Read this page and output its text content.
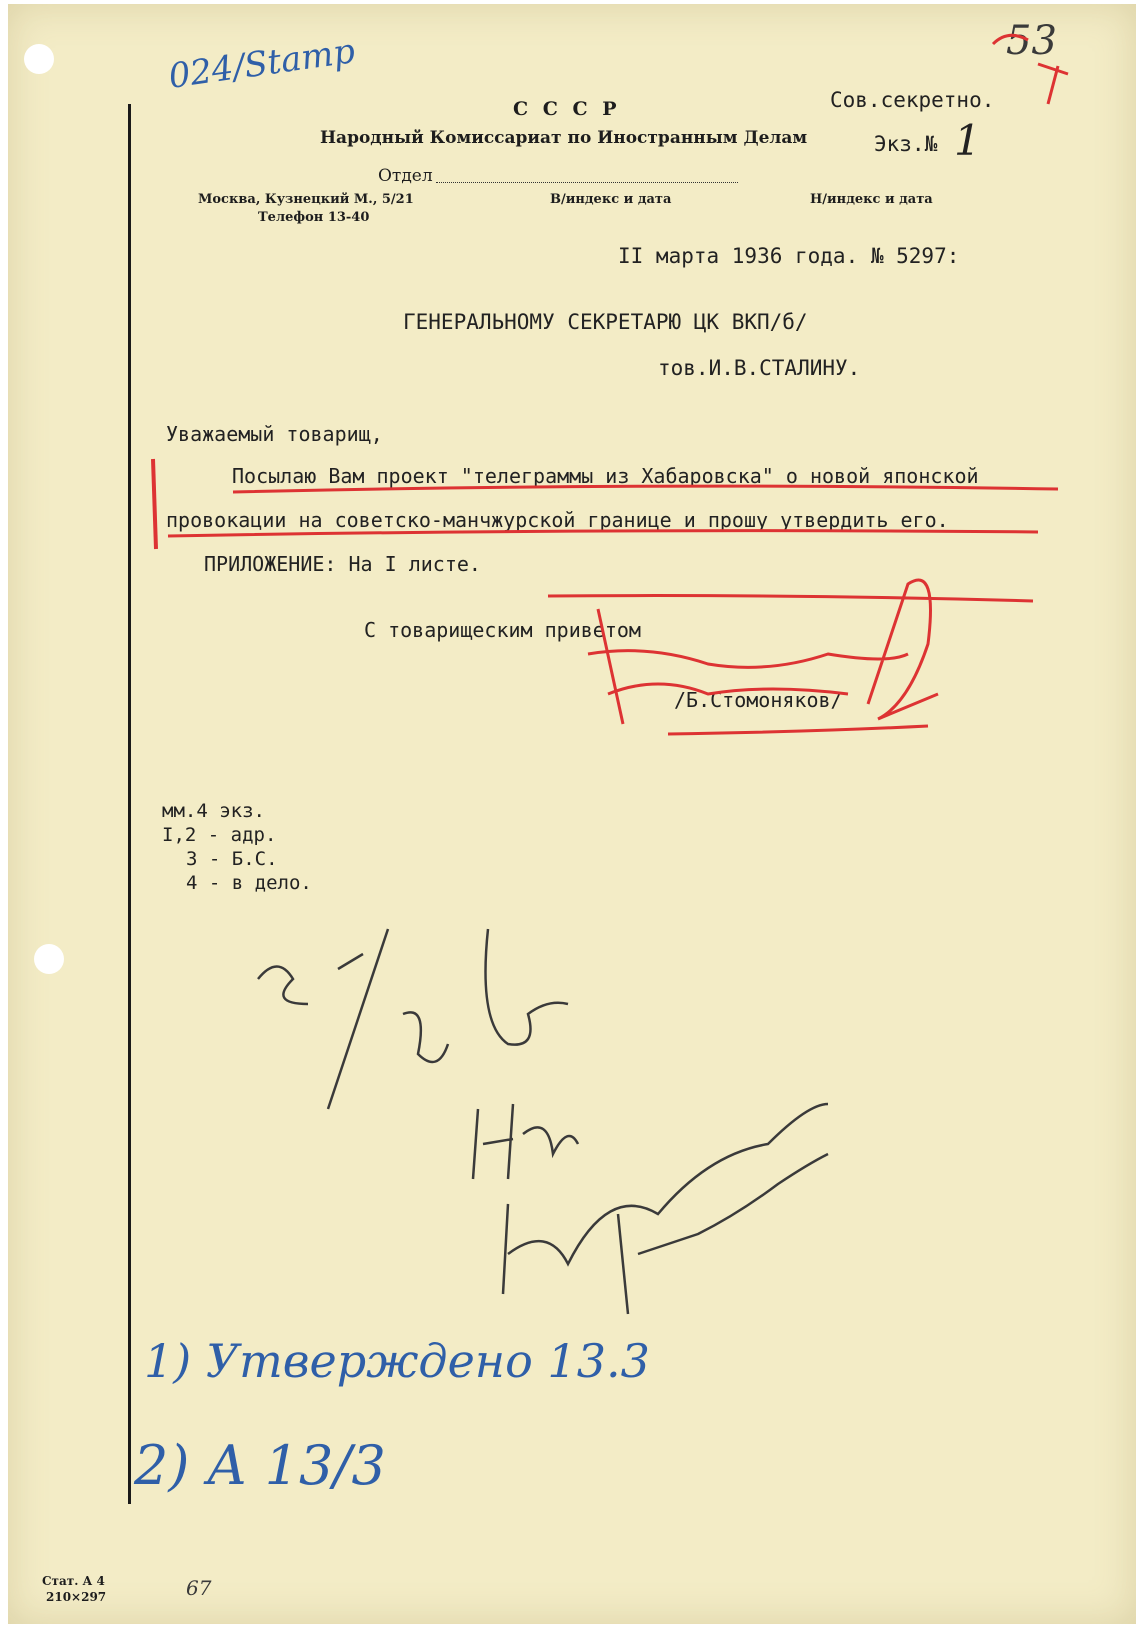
024/Stamp	53
С С С Р
Народный Комиссариат по Иностранным Делам
Отдел
Москва, Кузнецкий М., 5/21
Телефон 13-40
В/индекс и дата	Н/индекс и дата
Сов.секретно.
Экз.№ 1
II марта 1936 года. № 5297:
ГЕНЕРАЛЬНОМУ СЕКРЕТАРЮ ЦК ВКП/б/
тов.И.В.СТАЛИНУ.
Уважаемый товарищ,
Посылаю Вам проект "телеграммы из Хабаровска" о новой японской
провокации на советско-манчжурской границе и прошу утвердить его.
ПРИЛОЖЕНИЕ: На I листе.
С товарищеским приветом
/Б.Стомоняков/
мм.4 экз.
I,2 - адр.
3 - Б.С.
4 - в дело.
1) Утверждено 13.3
2) А 13/3
67
Стат. А 4
210×297
